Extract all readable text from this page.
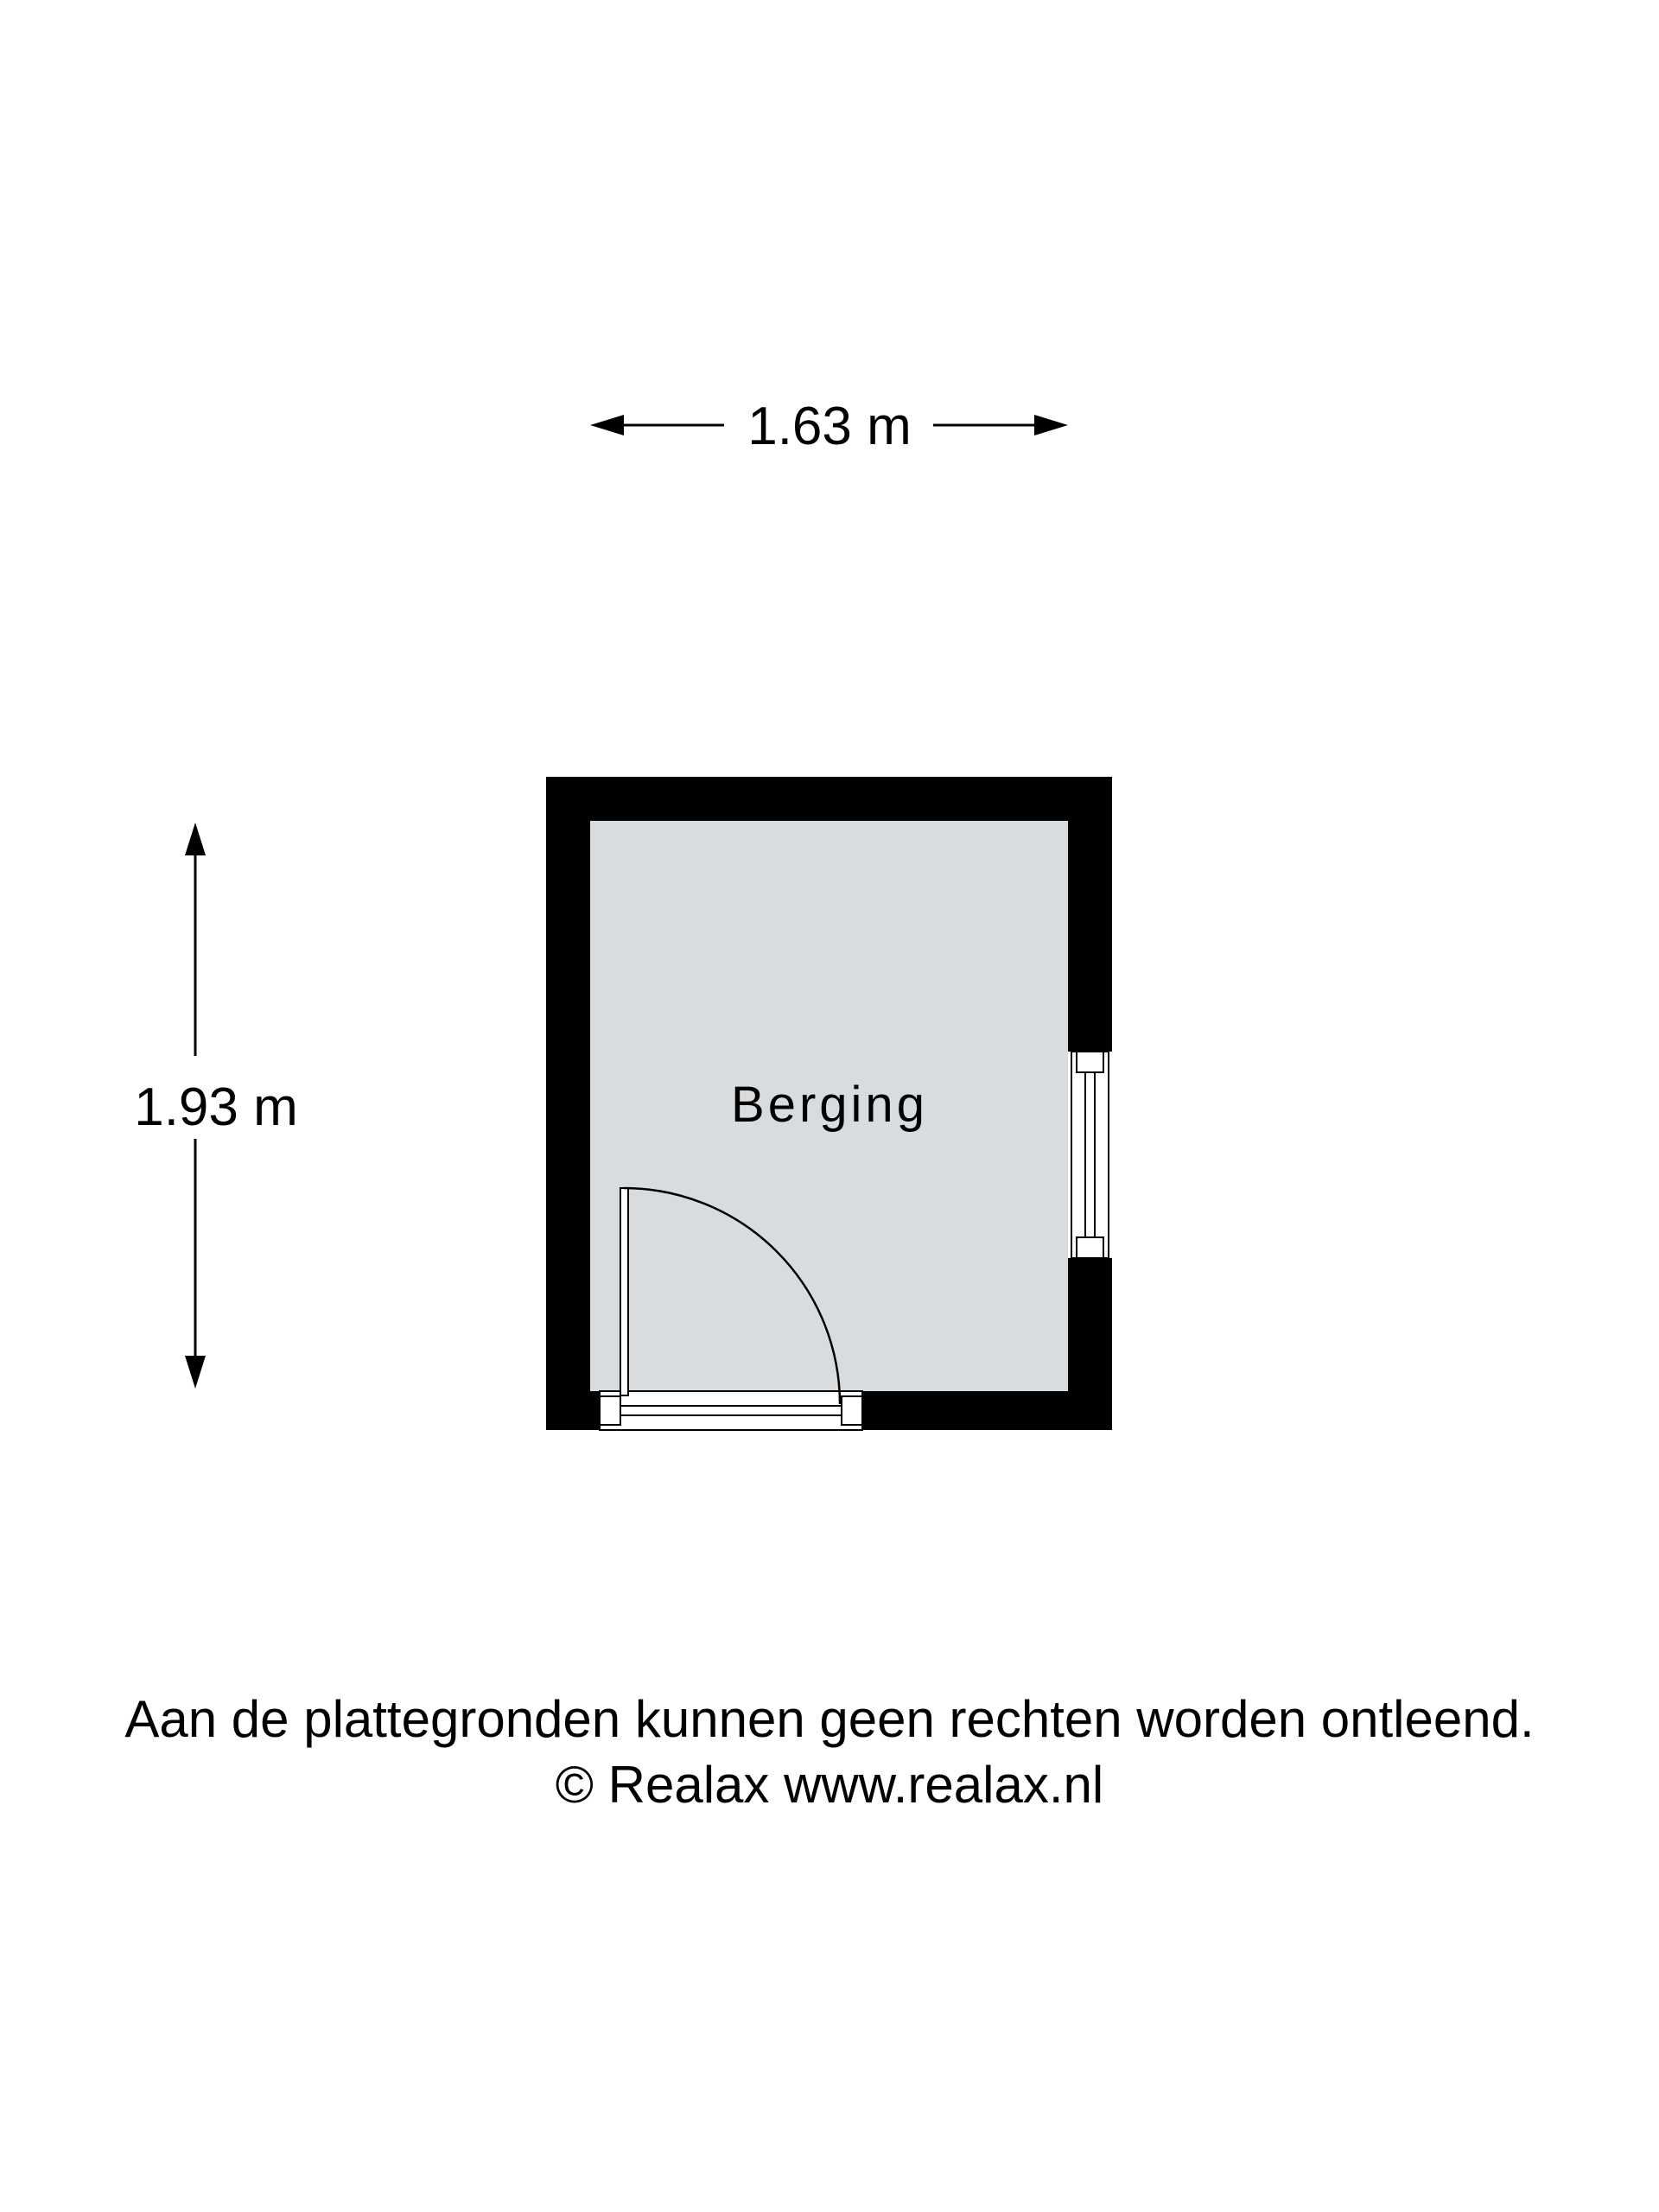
1.63 m
1.93 m	Berging

Aan de plattegronden kunnen geen rechten worden ontleend.

© Realax www.realax.nl
